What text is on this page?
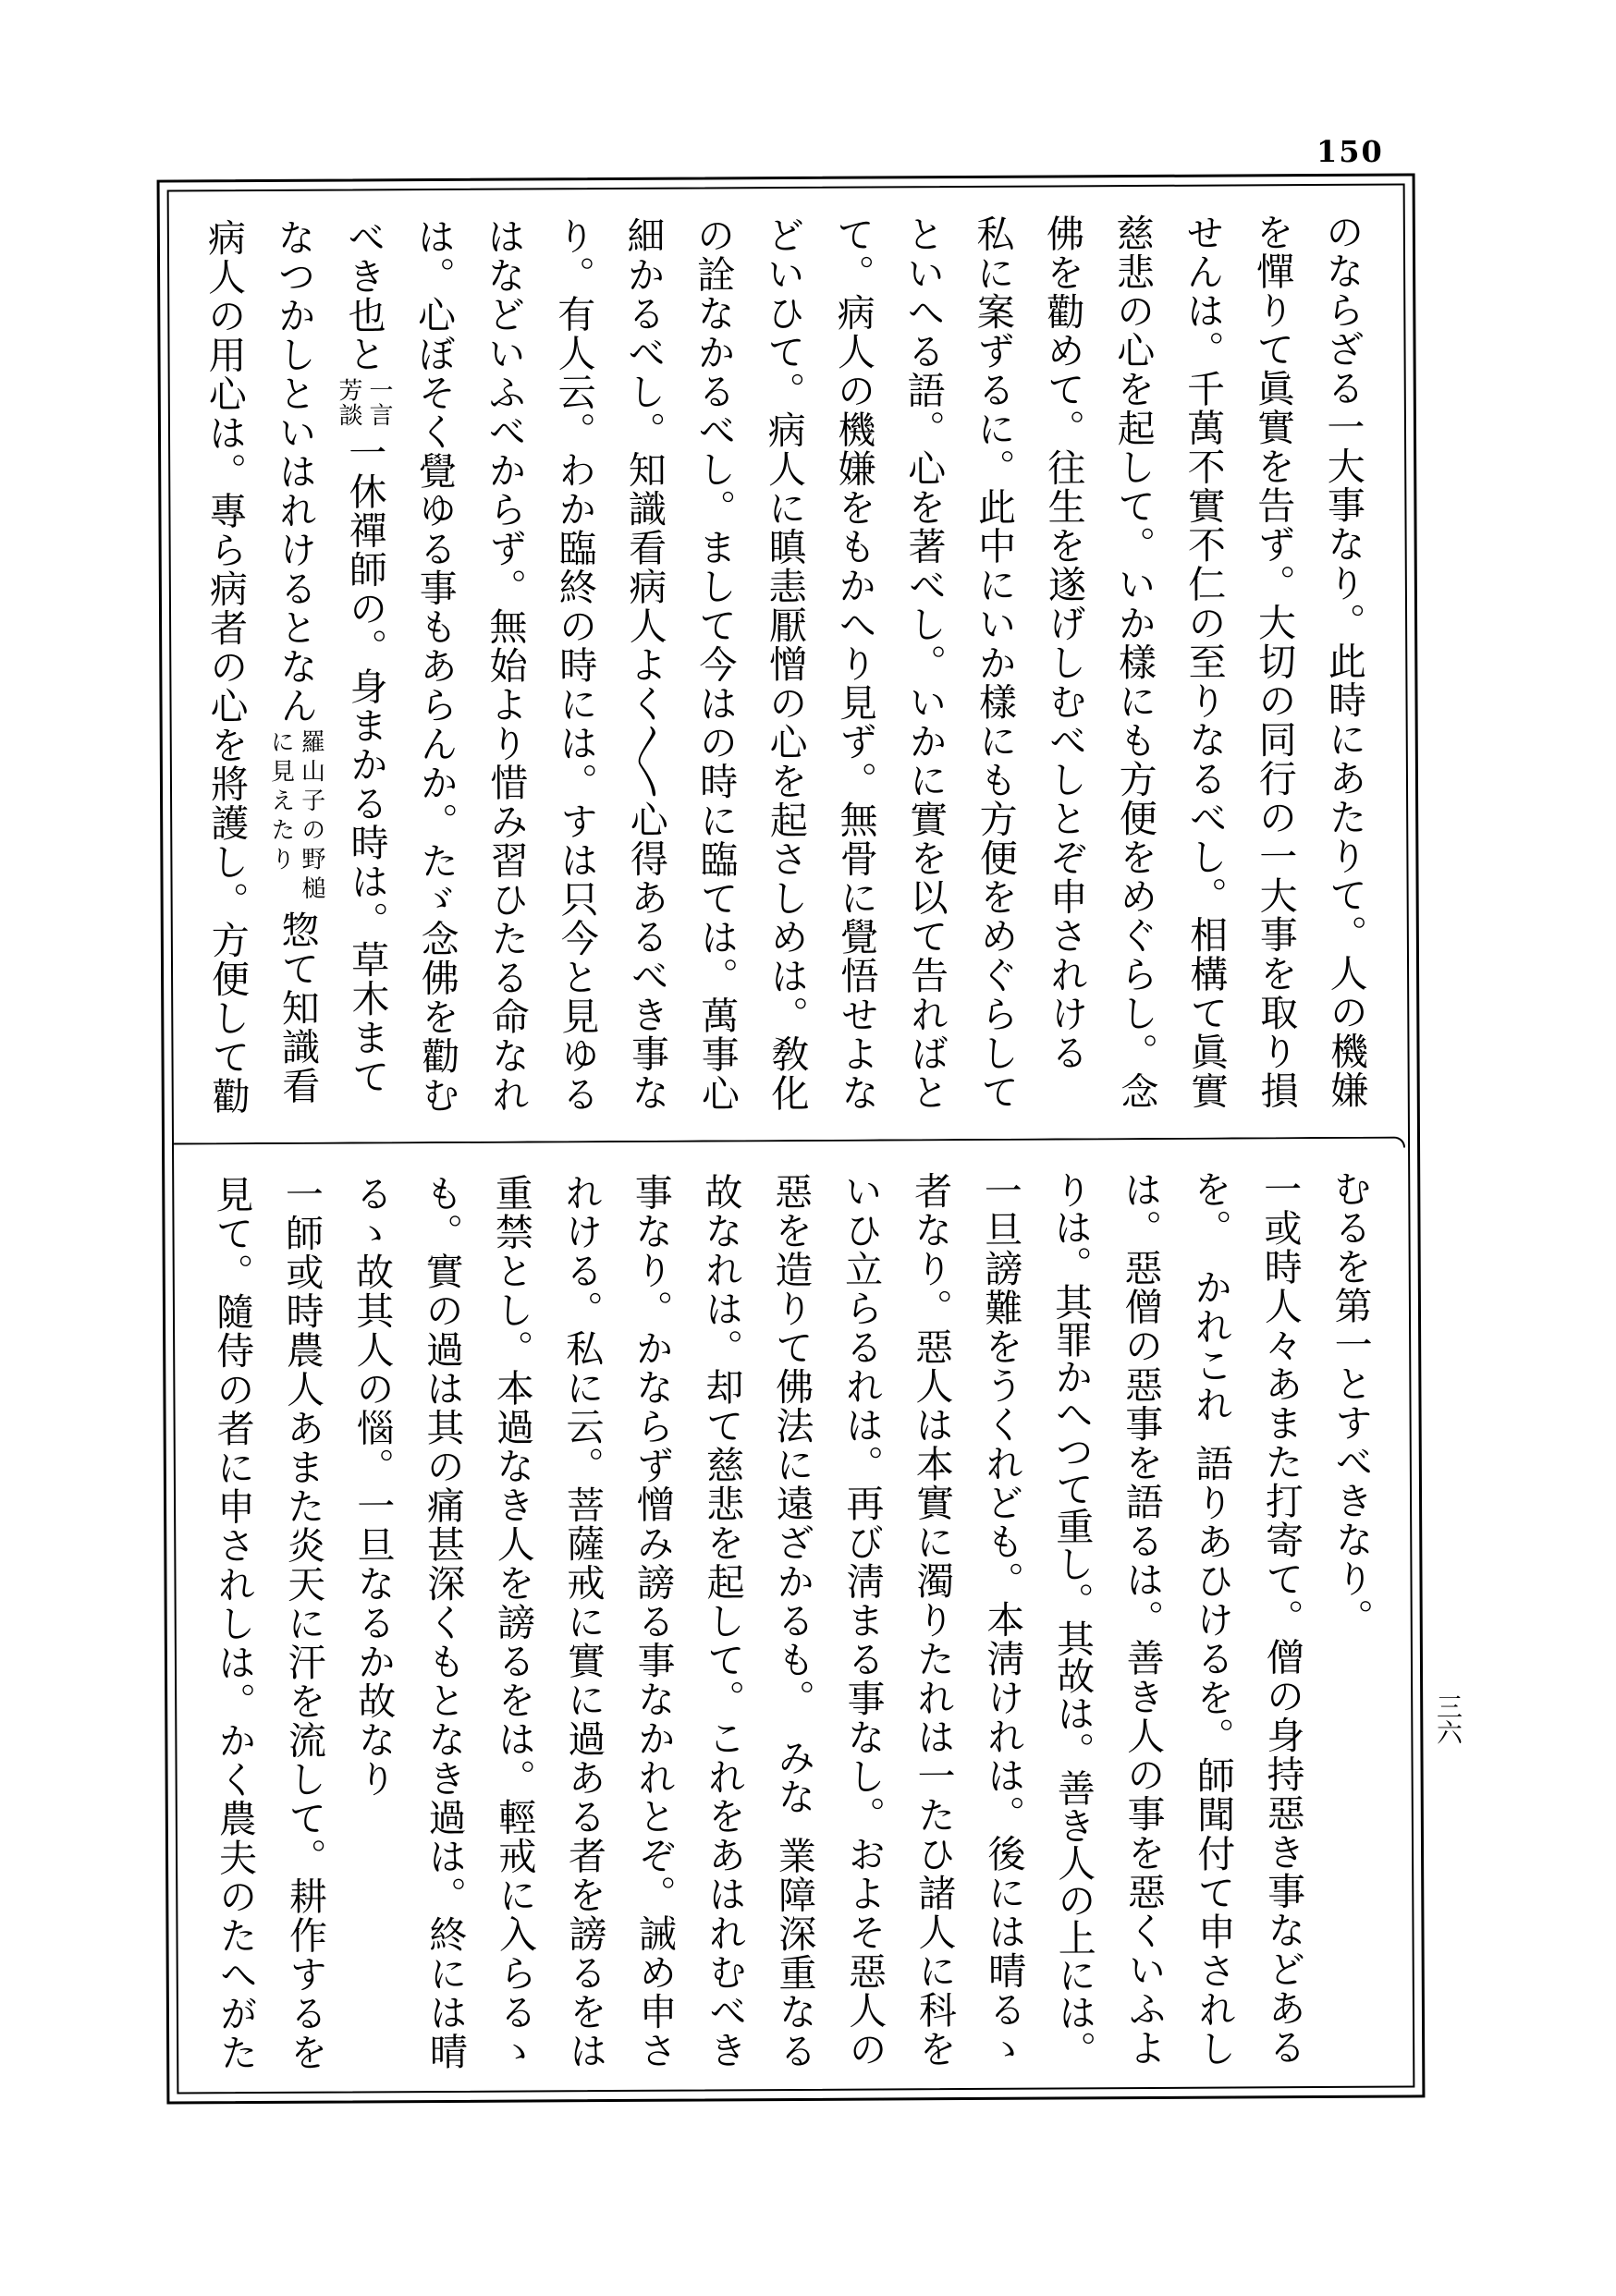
150
三六
のならざる一大事なり。此時にあたりて。人の機嫌
を憚りて眞實を告ず。大切の同行の一大事を取り損
せんは。千萬不實不仁の至りなるべし。相構て眞實
慈悲の心を起して。いか樣にも方便をめぐらし。念
佛を勸めて。往生を遂げしむべしとぞ申されける
私に案ずるに。此中にいか樣にも方便をめぐらして
といへる語。心を著べし。いかに實を以て告ればと
て。病人の機嫌をもかへり見ず。無骨に覺悟せよな
どいひて。病人に瞋恚厭憎の心を起さしめは。敎化
の詮なかるべし。まして今はの時に臨ては。萬事心
細かるべし。知識看病人よく〳〵心得あるべき事な
り。有人云。わか臨終の時には。すは只今と見ゆる
はなどいふべからず。無始より惜み習ひたる命なれ
は。心ぼそく覺ゆる事もあらんか。たゞ念佛を勸む
べき也と
一言
芳談
一休禪師の。身まかる時は。草木まて
なつかしといはれけるとなん
羅山子の野槌
に見えたり
惣て知識看
病人の用心は。專ら病者の心を將護し。方便して勸
むるを第一とすべきなり。
一或時人々あまた打寄て。僧の身持惡き事などある
を。 かれこれ 語りあひけるを。師聞付て申されし
は。惡僧の惡事を語るは。善き人の事を惡くいふよ
りは。其罪かへつて重し。其故は。善き人の上には。
一旦謗難をうくれども。本淸けれは。後には晴るゝ
者なり。惡人は本實に濁りたれは一たひ諸人に科を
いひ立らるれは。再び淸まる事なし。およそ惡人の
惡を造りて佛法に遠ざかるも。 みな 業障深重なる
故なれは。却て慈悲を起して。これをあはれむべき
事なり。かならず憎み謗る事なかれとぞ。誡め申さ
れける。私に云。菩薩戒に實に過ある者を謗るをは
重禁とし。本過なき人を謗るをは。輕戒に入らるゝ
も。實の過は其の痛甚深くもとなき過は。終には晴
るゝ故其人の惱。一旦なるか故なり
一師或時農人あまた炎天に汗を流して。耕作するを
見て。隨侍の者に申されしは。かく農夫のたへがた
